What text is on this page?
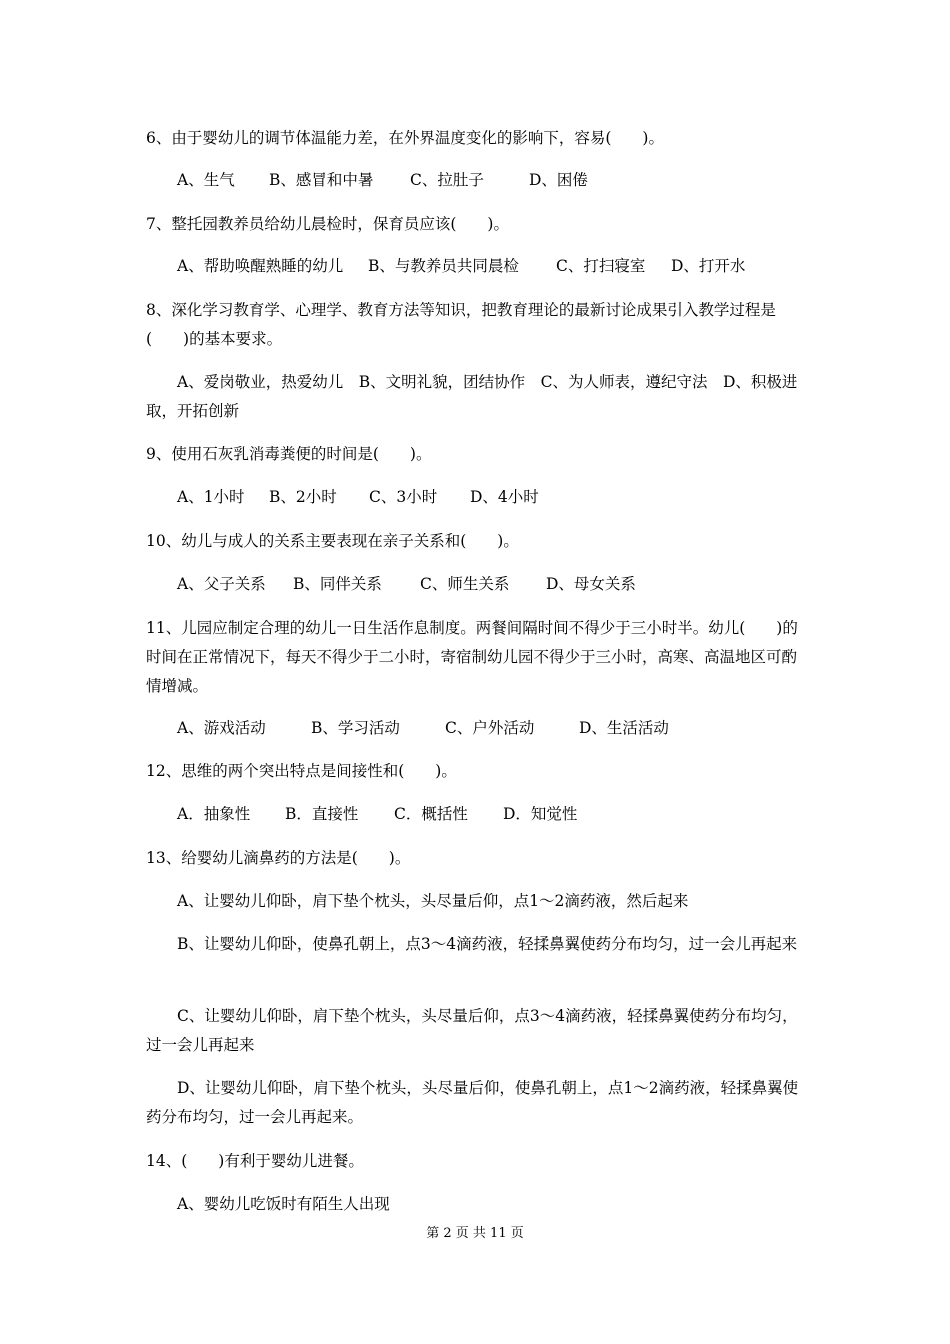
6、由于婴幼儿的调节体温能力差，在外界温度变化的影响下，容易(　　)。
A、生气 B、感冒和中暑 C、拉肚子	D、困倦
7、整托园教养员给幼儿晨检时，保育员应该(　　)。
A、帮助唤醒熟睡的幼儿 B、与教养员共同晨检 C、打扫寝室 D、打开水
8、深化学习教育学、心理学、教育方法等知识，把教育理论的最新讨论成果引入教学过程是(　　)的基本要求。
A、爱岗敬业，热爱幼儿　B、文明礼貌，团结协作　C、为人师表，遵纪守法　D、积极进取，开拓创新
9、使用石灰乳消毒粪便的时间是(　　)。
A、1小时 B、2小时 C、3小时 D、4小时
10、幼儿与成人的关系主要表现在亲子关系和(　　)。
A、父子关系 B、同伴关系 C、师生关系 D、母女关系
11、儿园应制定合理的幼儿一日生活作息制度。两餐间隔时间不得少于三小时半。幼儿(　　)的时间在正常情况下，每天不得少于二小时，寄宿制幼儿园不得少于三小时，高寒、高温地区可酌情增减。
A、游戏活动	B、学习活动	C、户外活动	D、生活活动
12、思维的两个突出特点是间接性和(　　)。
A．抽象性 B．直接性 C．概括性 D．知觉性
13、给婴幼儿滴鼻药的方法是(　　)。
A、让婴幼儿仰卧，肩下垫个枕头，头尽量后仰，点1～2滴药液，然后起来
B、让婴幼儿仰卧，使鼻孔朝上，点3～4滴药液，轻揉鼻翼使药分布均匀，过一会儿再起来
C、让婴幼儿仰卧，肩下垫个枕头，头尽量后仰，点3～4滴药液，轻揉鼻翼使药分布均匀，过一会儿再起来
D、让婴幼儿仰卧，肩下垫个枕头，头尽量后仰，使鼻孔朝上，点1～2滴药液，轻揉鼻翼使药分布均匀，过一会儿再起来。
14、(　　)有利于婴幼儿进餐。
A、婴幼儿吃饭时有陌生人出现
第 2 页 共 11 页
